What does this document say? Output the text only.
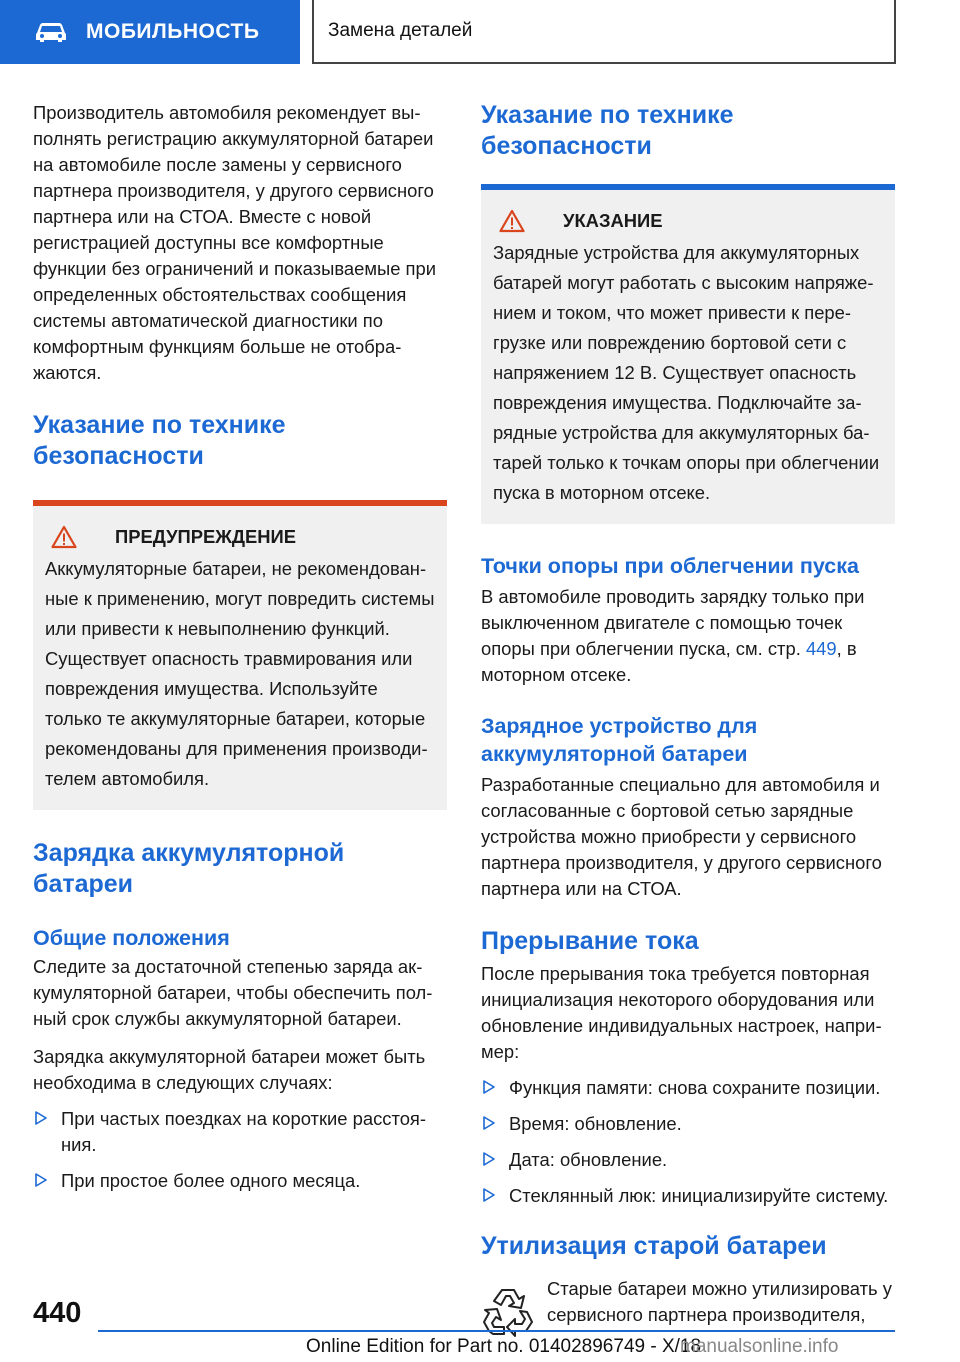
МОБИЛЬНОСТЬ	Замена деталей

Производитель автомобиля рекомендует выполнять регистрацию аккумуляторной батареи на автомобиле после замены у сервисного партнера производителя, у другого сервисного партнера или на СТОА. Вместе с новой регистрацией доступны все комфортные функции без ограничений и показываемые при определенных обстоятельствах сообщения системы автоматической диагностики по комфортным функциям больше не отображаются.

Указание по технике безопасности
ПРЕДУПРЕЖДЕНИЕ

Аккумуляторные батареи, не рекомендованные к применению, могут повредить системы или привести к невыполнению функций. Существует опасность травмирования или повреждения имущества. Используйте только те аккумуляторные батареи, которые рекомендованы для применения производителем автомобиля.

Зарядка аккумуляторной батареи
Общие положения

Следите за достаточной степенью заряда аккумуляторной батареи, чтобы обеспечить полный срок службы аккумуляторной батареи.

Зарядка аккумуляторной батареи может быть необходима в следующих случаях:

При частых поездках на короткие расстояния.
При простое более одного месяца.
Указание по технике безопасности
УКАЗАНИЕ

Зарядные устройства для аккумуляторных батарей могут работать с высоким напряжением и током, что может привести к перегрузке или повреждению бортовой сети с напряжением 12 В. Существует опасность повреждения имущества. Подключайте зарядные устройства для аккумуляторных батарей только к точкам опоры при облегчении пуска в моторном отсеке.

Точки опоры при облегчении пуска

В автомобиле проводить зарядку только при выключенном двигателе с помощью точек опоры при облегчении пуска, см. стр. 449, в моторном отсеке.

Зарядное устройство для аккумуляторной батареи

Разработанные специально для автомобиля и согласованные с бортовой сетью зарядные устройства можно приобрести у сервисного партнера производителя, у другого сервисного партнера или на СТОА.

Прерывание тока

После прерывания тока требуется повторная инициализация некоторого оборудования или обновление индивидуальных настроек, например:

Функция памяти: снова сохраните позиции.
Время: обновление.
Дата: обновление.
Стеклянный люк: инициализируйте систему.
Утилизация старой батареи

Старые батареи можно утилизировать у сервисного партнера производителя,

440
Online Edition for Part no. 01402896749 - X/18
manualsonline.info
